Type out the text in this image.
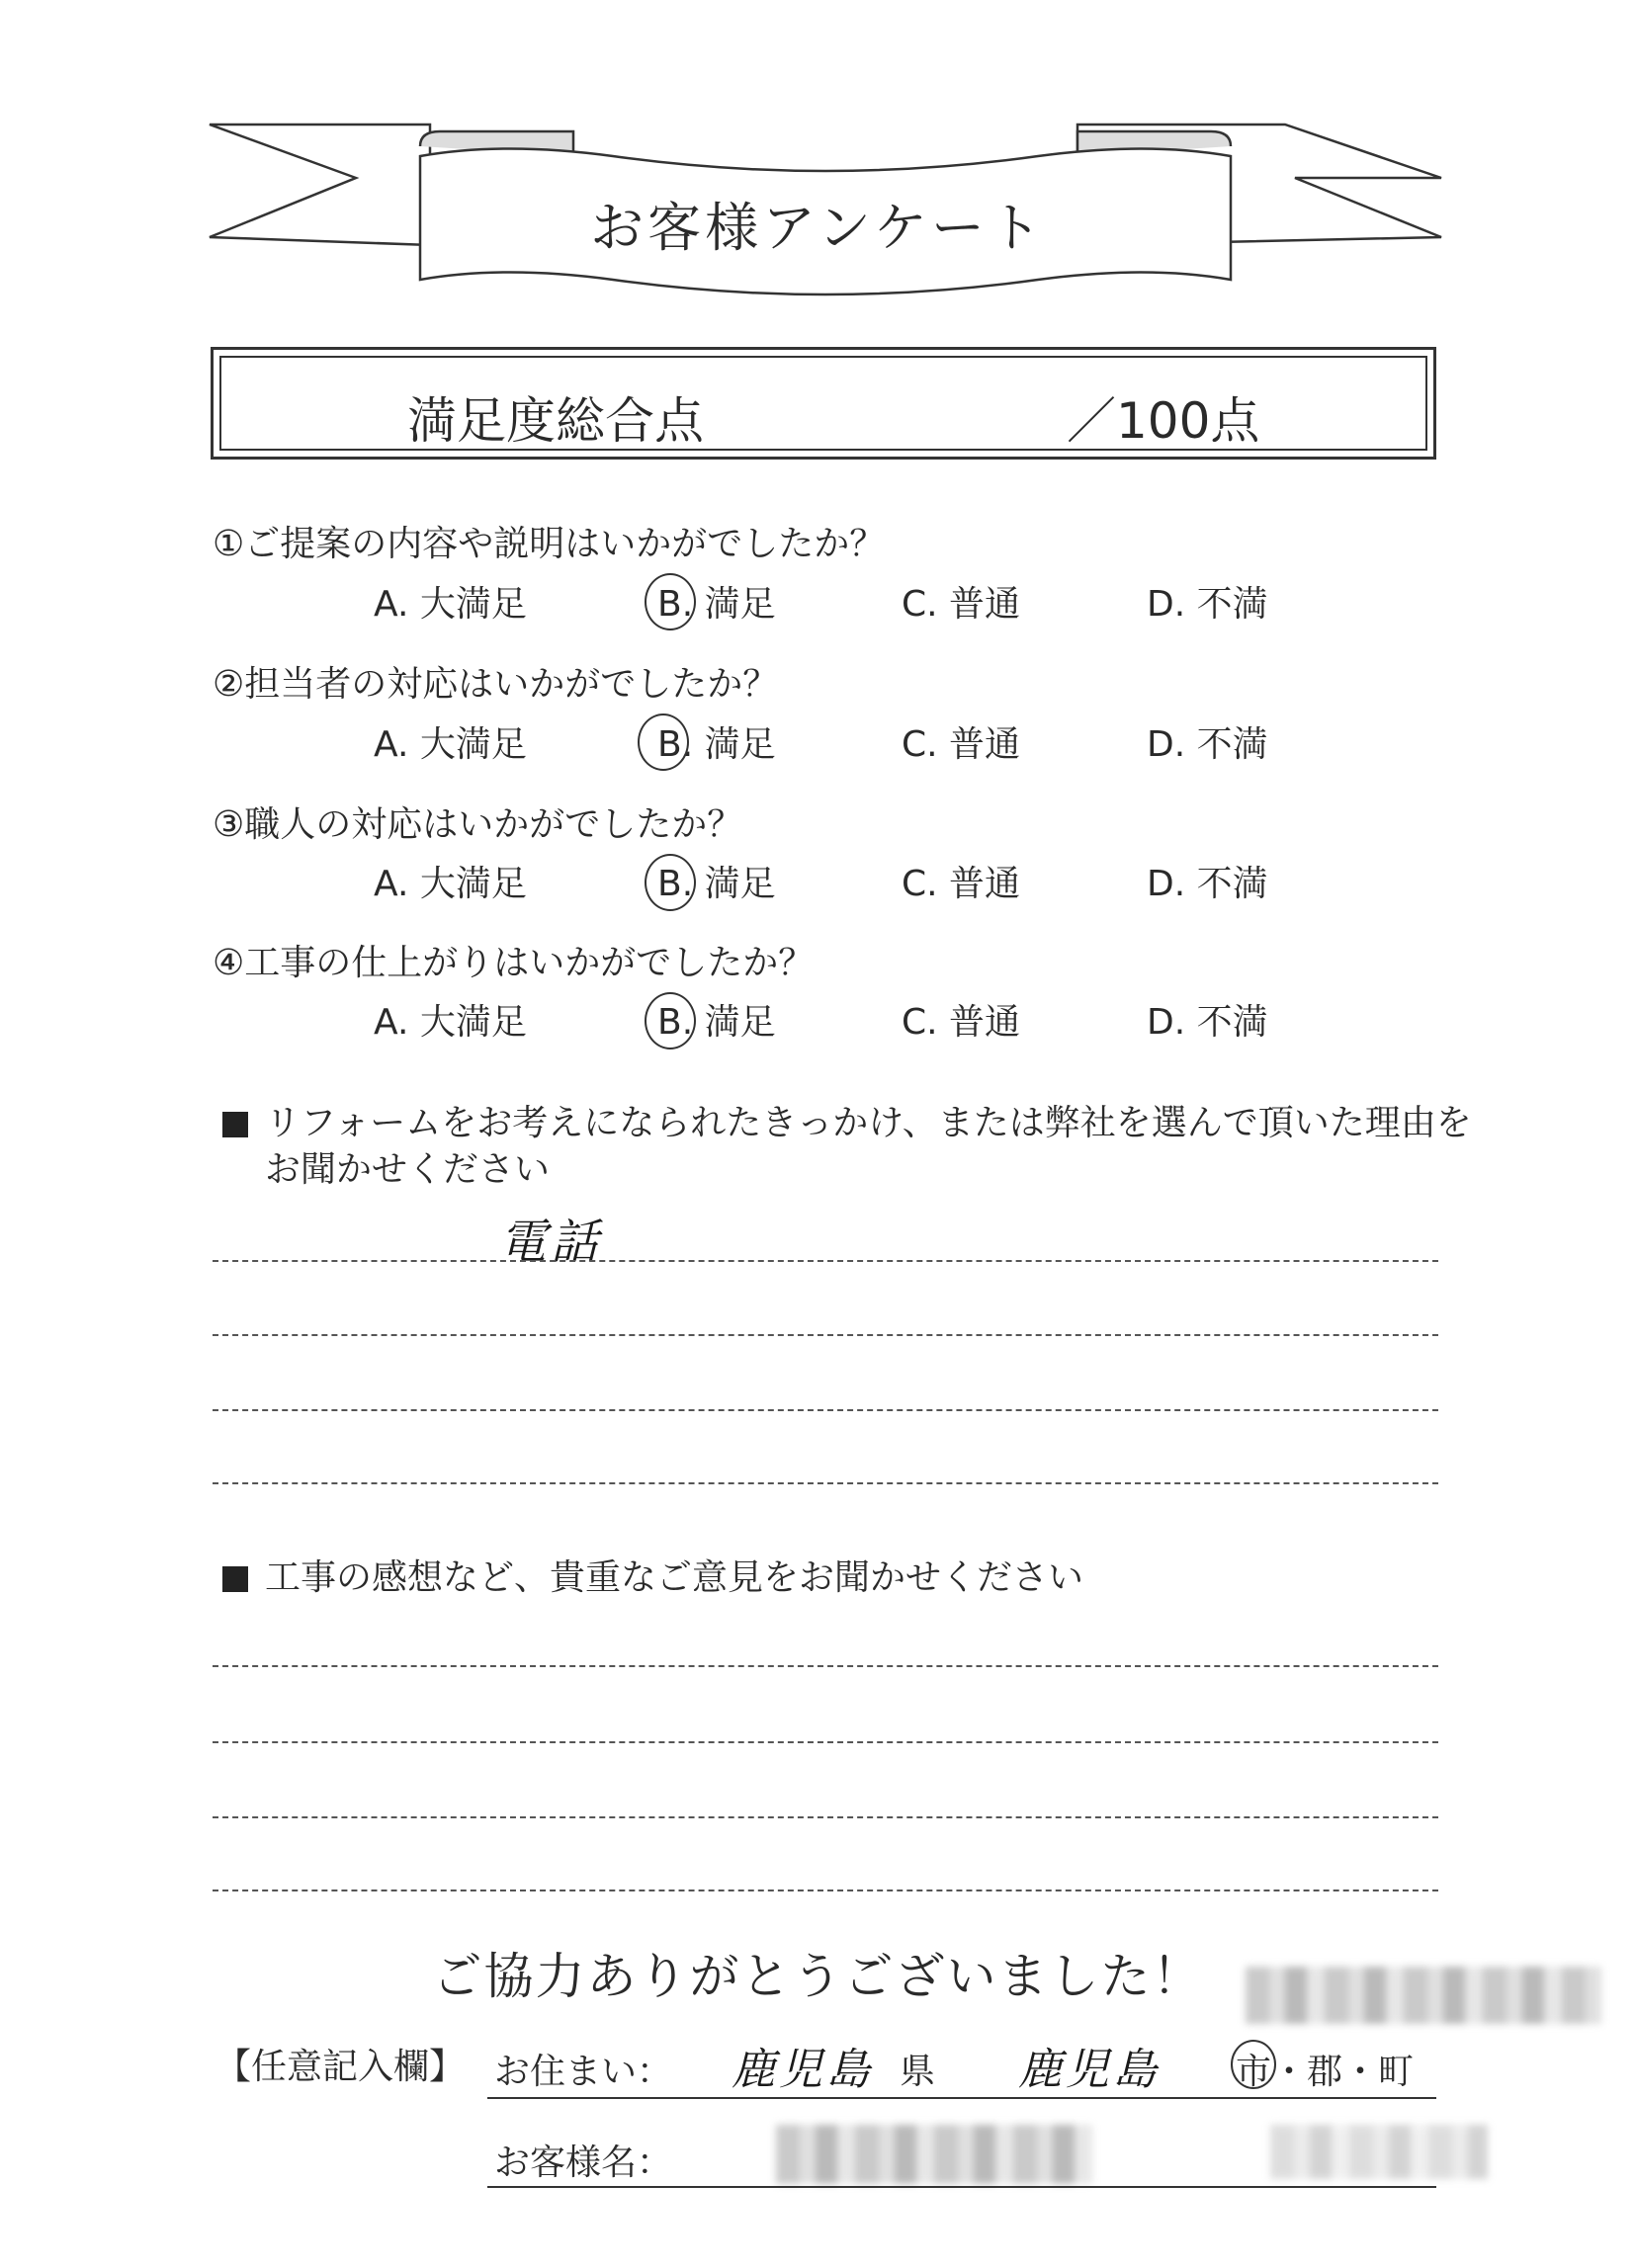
お客様アンケート
満足度総合点	／100点
①ご提案の内容や説明はいかがでしたか？
A. 大満足	B. 満足	C. 普通	D. 不満
②担当者の対応はいかがでしたか？
A. 大満足	B. 満足	C. 普通	D. 不満
③職人の対応はいかがでしたか？
A. 大満足	B. 満足	C. 普通	D. 不満
④工事の仕上がりはいかがでしたか？
A. 大満足	B. 満足	C. 普通	D. 不満
リフォームをお考えになられたきっかけ、または弊社を選んで頂いた理由を
お聞かせください
電話
工事の感想など、貴重なご意見をお聞かせください
ご協力ありがとうございました！
【任意記入欄】 お住まい： 鹿児島 県 鹿児島 市・郡・町
お客様名：
